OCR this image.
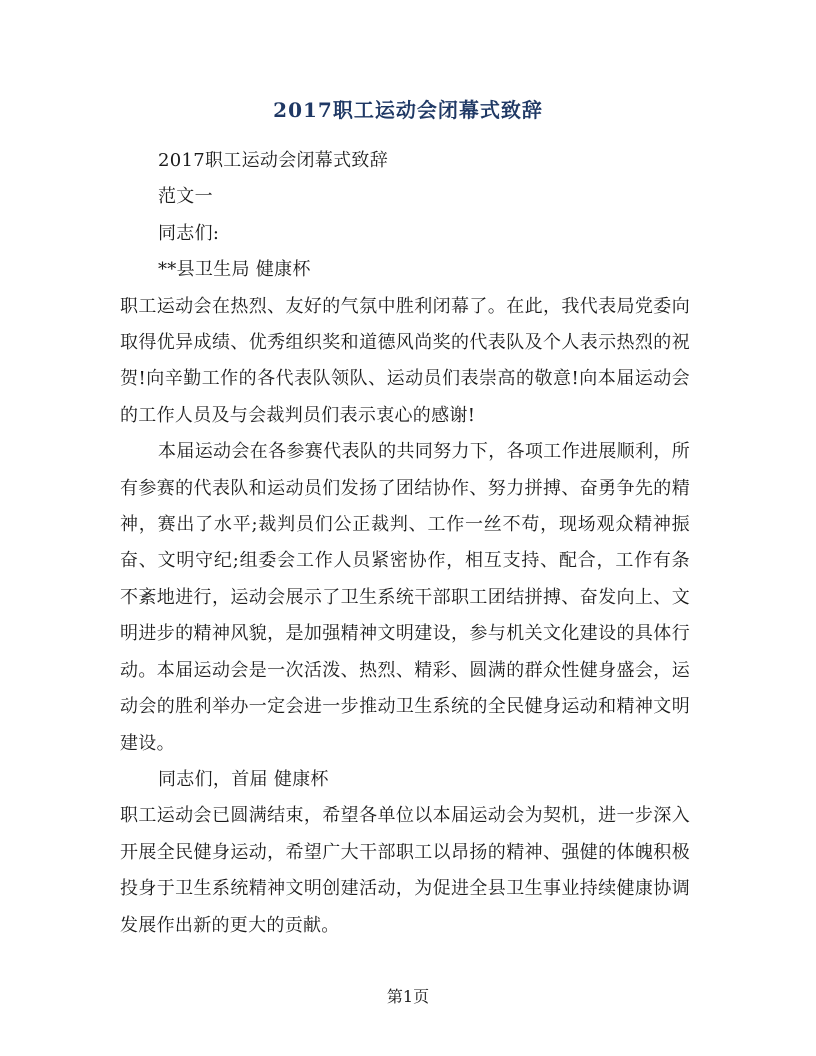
2017职工运动会闭幕式致辞

2017职工运动会闭幕式致辞

范文一

同志们:

**县卫生局 健康杯

职工运动会在热烈、友好的气氛中胜利闭幕了。在此，我代表局党委向取得优异成绩、优秀组织奖和道德风尚奖的代表队及个人表示热烈的祝贺!向辛勤工作的各代表队领队、运动员们表崇高的敬意!向本届运动会的工作人员及与会裁判员们表示衷心的感谢!

本届运动会在各参赛代表队的共同努力下，各项工作进展顺利，所有参赛的代表队和运动员们发扬了团结协作、努力拼搏、奋勇争先的精神，赛出了水平;裁判员们公正裁判、工作一丝不苟，现场观众精神振奋、文明守纪;组委会工作人员紧密协作，相互支持、配合，工作有条不紊地进行，运动会展示了卫生系统干部职工团结拼搏、奋发向上、文明进步的精神风貌，是加强精神文明建设，参与机关文化建设的具体行动。本届运动会是一次活泼、热烈、精彩、圆满的群众性健身盛会，运动会的胜利举办一定会进一步推动卫生系统的全民健身运动和精神文明建设。

同志们，首届 健康杯

职工运动会已圆满结束，希望各单位以本届运动会为契机，进一步深入开展全民健身运动，希望广大干部职工以昂扬的精神、强健的体魄积极投身于卫生系统精神文明创建活动，为促进全县卫生事业持续健康协调发展作出新的更大的贡献。

第1页
